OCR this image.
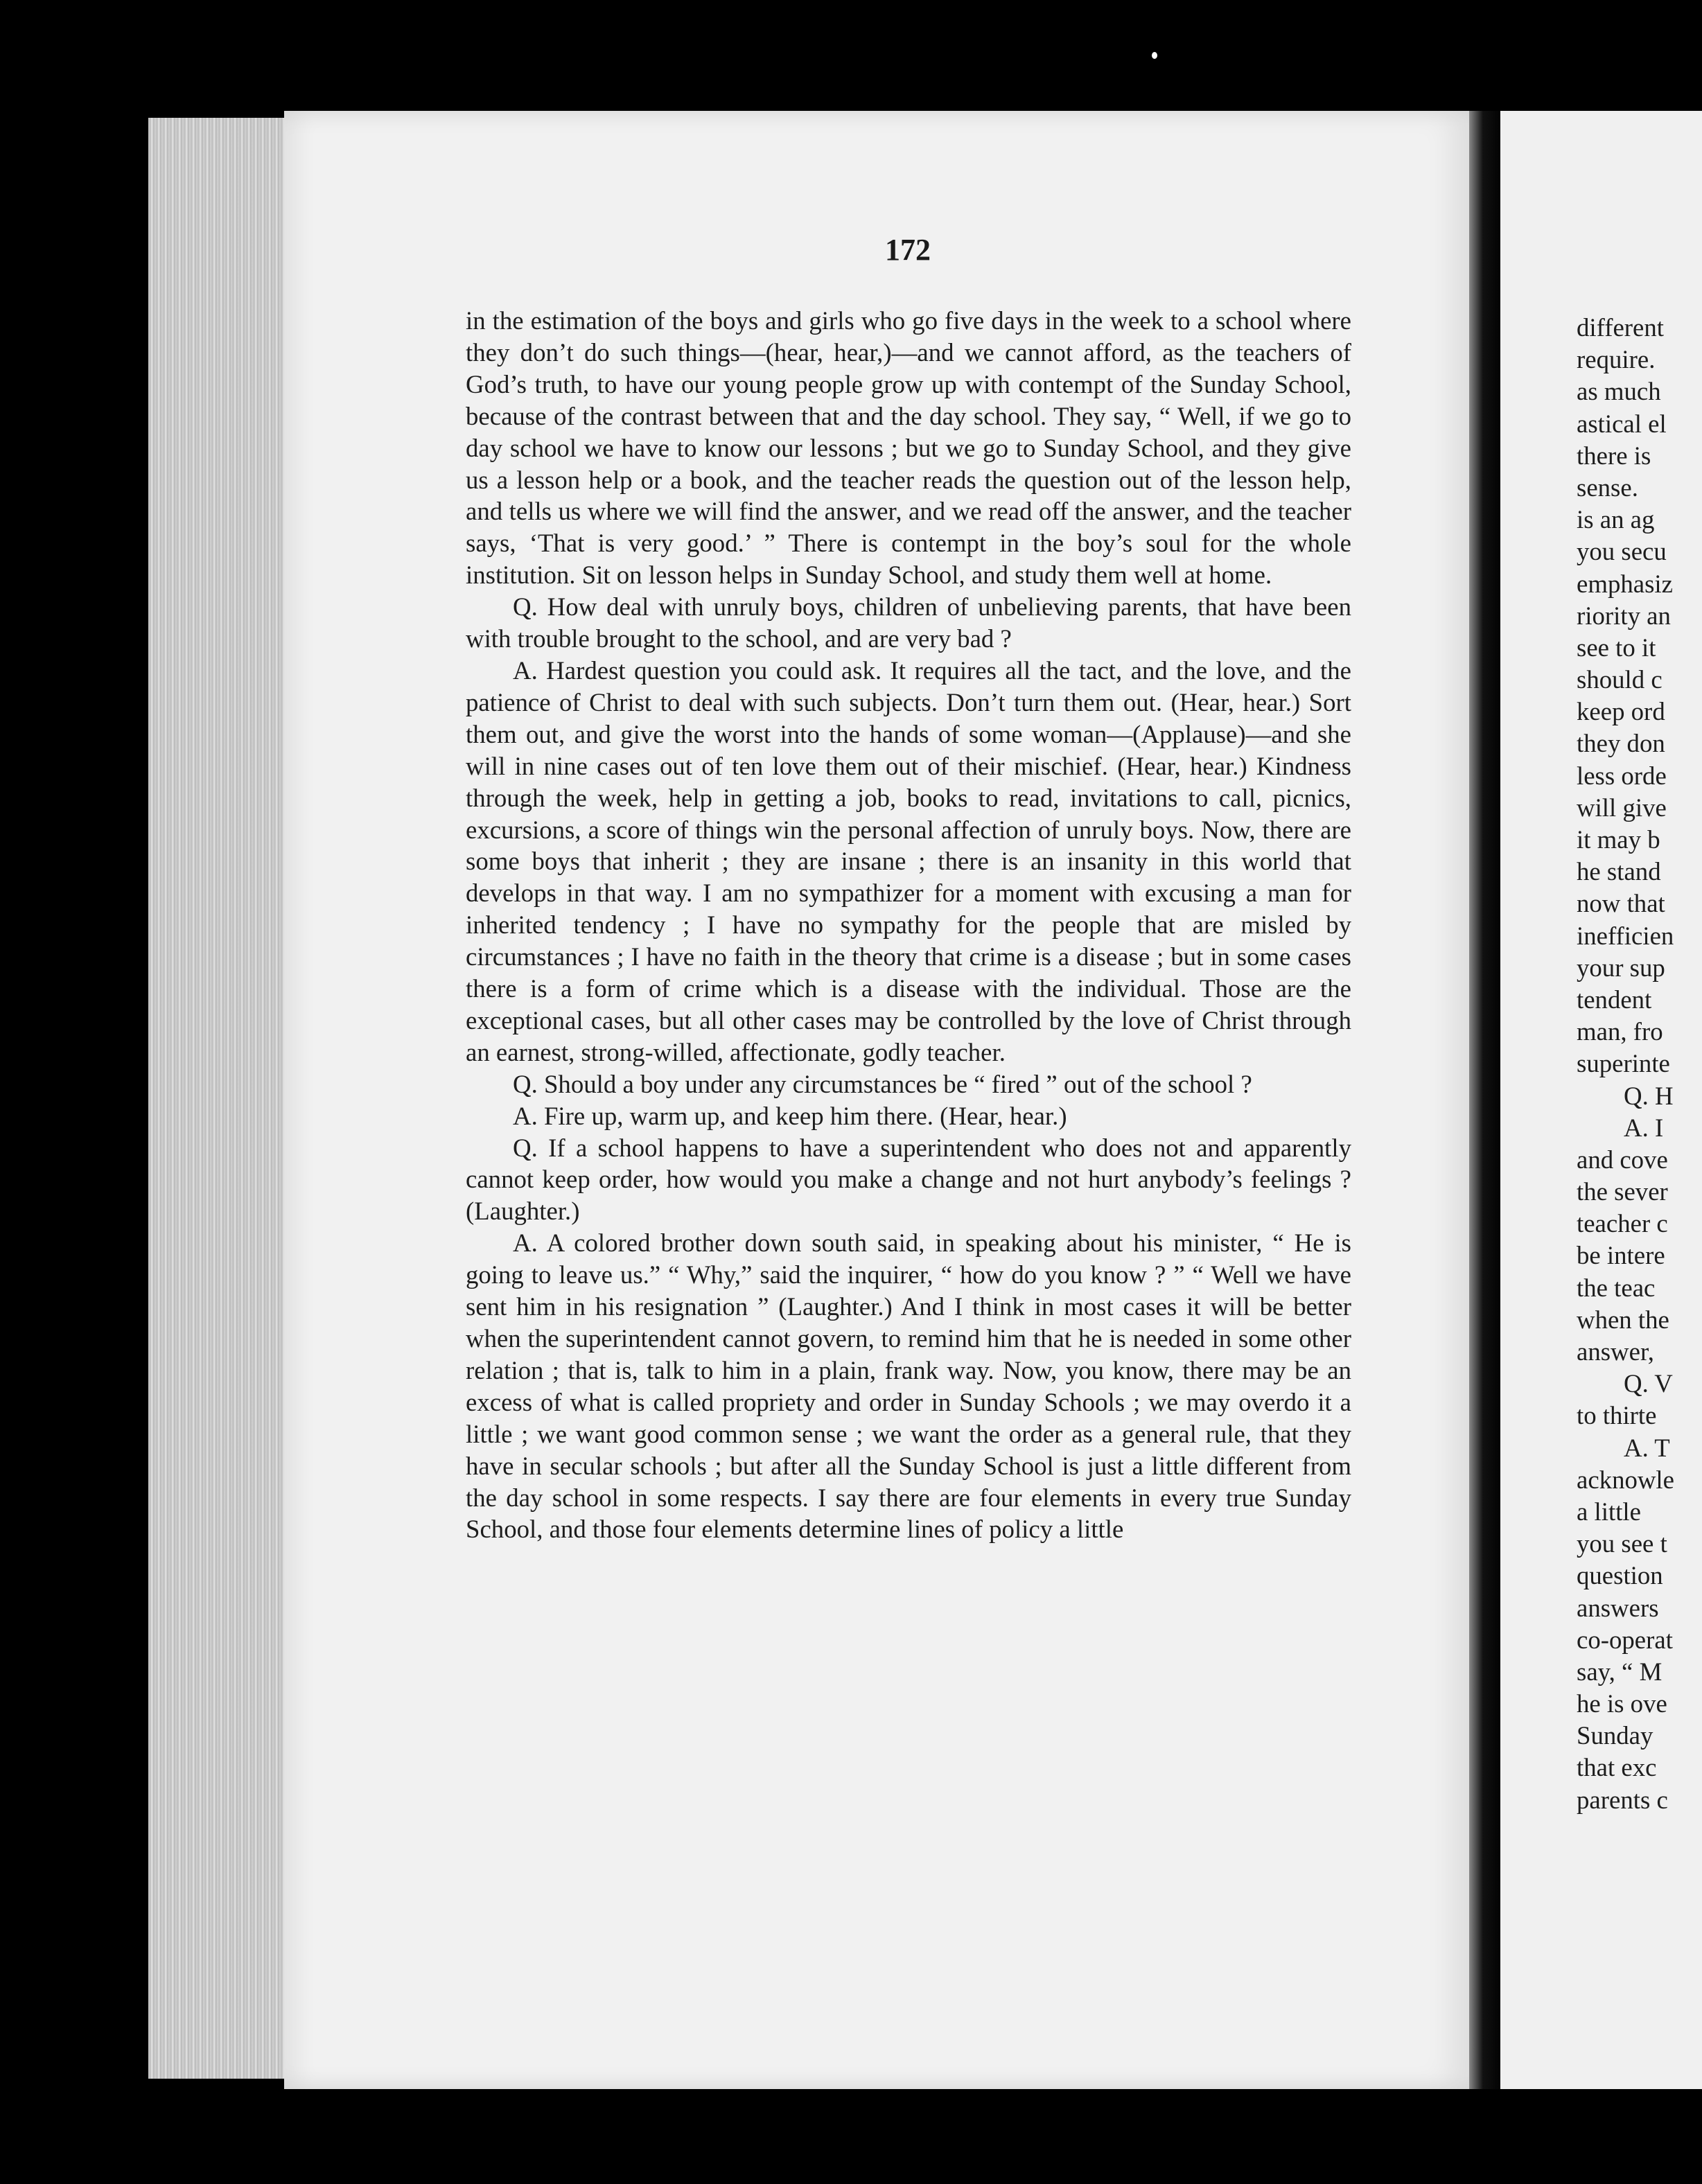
different
require.
as much
astical el
there is
sense.
is an ag
you secu
emphasiz
riority an
see to it
should c
keep ord
they don
less orde
will give
it may b
he stand
now that
inefficien
your sup
tendent
man, fro
superinte
Q. H
A. I
and cove
the sever
teacher c
be intere
the teac
when the
answer,
Q. V
to thirte
A. T
acknowle
a little
you see t
question
answers
co-operat
say, “ M
he is ove
Sunday
that exc
parents c
172

in the estimation of the boys and girls who go five days in the week to a school where they don’t do such things—(hear, hear,)—and we cannot afford, as the teachers of God’s truth, to have our young people grow up with contempt of the Sunday School, because of the contrast between that and the day school. They say, “ Well, if we go to day school we have to know our lessons ; but we go to Sunday School, and they give us a lesson help or a book, and the teacher reads the question out of the lesson help, and tells us where we will find the answer, and we read off the answer, and the teacher says, ‘That is very good.’ ” There is contempt in the boy’s soul for the whole institution. Sit on lesson helps in Sunday School, and study them well at home.

Q. How deal with unruly boys, children of unbelieving parents, that have been with trouble brought to the school, and are very bad ?

A. Hardest question you could ask. It requires all the tact, and the love, and the patience of Christ to deal with such subjects. Don’t turn them out. (Hear, hear.) Sort them out, and give the worst into the hands of some woman—(Applause)—and she will in nine cases out of ten love them out of their mischief. (Hear, hear.) Kindness through the week, help in getting a job, books to read, invitations to call, picnics, excursions, a score of things win the personal affection of unruly boys. Now, there are some boys that inherit ; they are insane ; there is an insanity in this world that develops in that way. I am no sympathizer for a moment with excusing a man for inherited tendency ; I have no sympathy for the people that are misled by circumstances ; I have no faith in the theory that crime is a disease ; but in some cases there is a form of crime which is a disease with the individual. Those are the exceptional cases, but all other cases may be controlled by the love of Christ through an earnest, strong-willed, affectionate, godly teacher.

Q. Should a boy under any circumstances be “ fired ” out of the school ?

A. Fire up, warm up, and keep him there. (Hear, hear.)

Q. If a school happens to have a superintendent who does not and apparently cannot keep order, how would you make a change and not hurt anybody’s feelings ? (Laughter.)

A. A colored brother down south said, in speaking about his minister, “ He is going to leave us.” “ Why,” said the inquirer, “ how do you know ? ” “ Well we have sent him in his resignation ” (Laughter.) And I think in most cases it will be better when the superintendent cannot govern, to remind him that he is needed in some other relation ; that is, talk to him in a plain, frank way. Now, you know, there may be an excess of what is called propriety and order in Sunday Schools ; we may overdo it a little ; we want good common sense ; we want the order as a general rule, that they have in secular schools ; but after all the Sunday School is just a little different from the day school in some respects. I say there are four elements in every true Sunday School, and those four elements determine lines of policy a little
